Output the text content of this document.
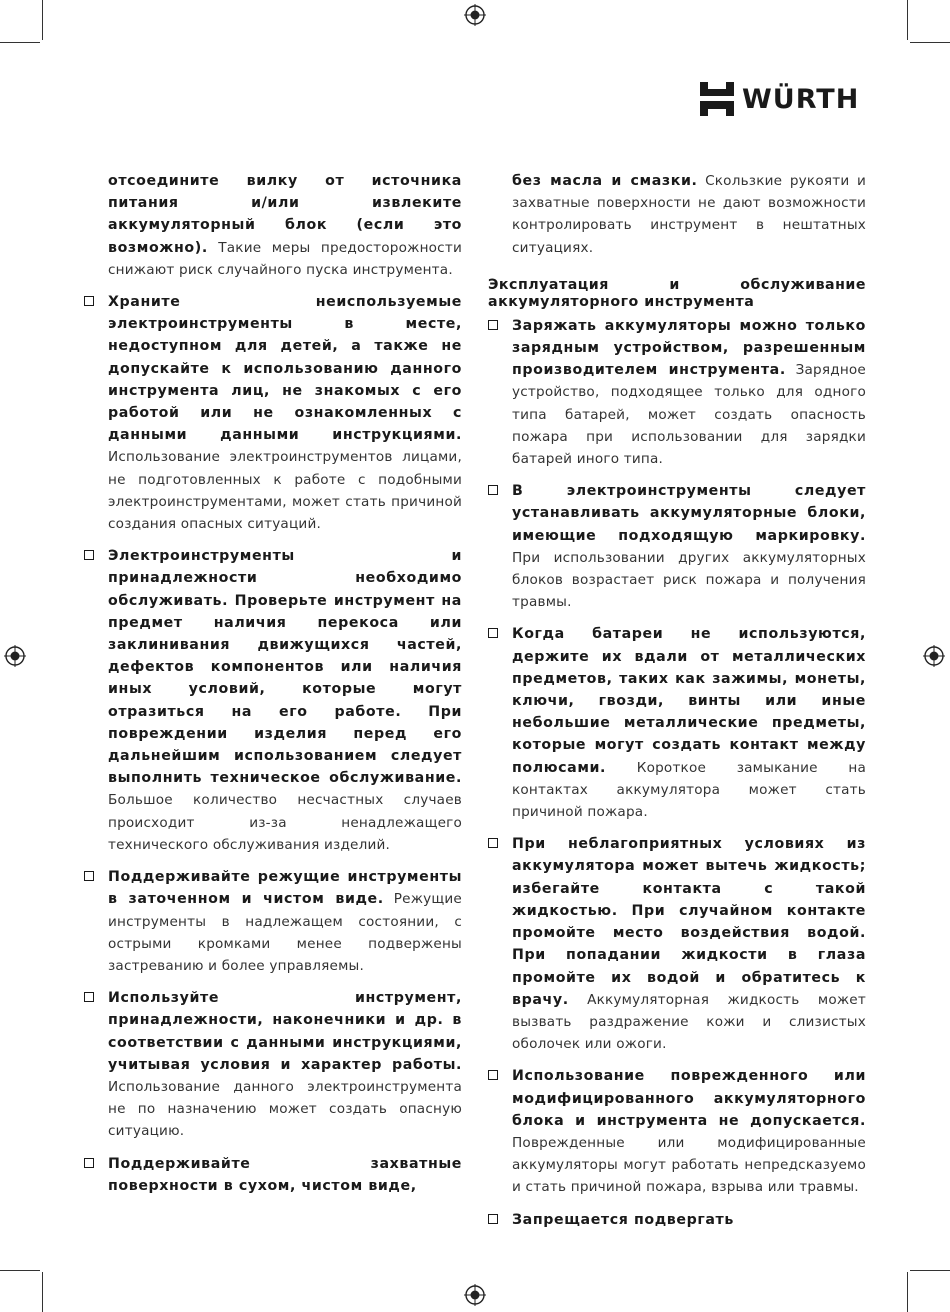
WÜRTH

отсоедините вилку от источника питания и/или извлеките аккумуляторный блок (если это возможно). Такие меры предосторожности снижают риск случайного пуска инструмента.

Храните неиспользуемые электроинструменты в месте, недоступном для детей, а также не допускайте к использованию данного инструмента лиц, не знакомых с его работой или не ознакомленных с данными данными инструкциями. Использование электроинструментов лицами, не подготовленных к работе с подобными электроинструментами, может стать причиной создания опасных ситуаций.

Электроинструменты и принадлежности необходимо обслуживать. Проверьте инструмент на предмет наличия перекоса или заклинивания движущихся частей, дефектов компонентов или наличия иных условий, которые могут отразиться на его работе. При повреждении изделия перед его дальнейшим использованием следует выполнить техническое обслуживание. Большое количество несчастных случаев происходит из-за ненадлежащего технического обслуживания изделий.

Поддерживайте режущие инструменты в заточенном и чистом виде. Режущие инструменты в надлежащем состоянии, с острыми кромками менее подвержены застреванию и более управляемы.

Используйте инструмент, принадлежности, наконечники и др. в соответствии с данными инструкциями, учитывая условия и характер работы. Использование данного электроинструмента не по назначению может создать опасную ситуацию.

Поддерживайте захватные поверхности в сухом, чистом виде,

без масла и смазки. Скользкие рукояти и захватные поверхности не дают возможности контролировать инструмент в нештатных ситуациях.

Эксплуатация и обслуживание аккумуляторного инструмента

Заряжать аккумуляторы можно только зарядным устройством, разрешенным производителем инструмента. Зарядное устройство, подходящее только для одного типа батарей, может создать опасность пожара при использовании для зарядки батарей иного типа.

В электроинструменты следует устанавливать аккумуляторные блоки, имеющие подходящую маркировку. При использовании других аккумуляторных блоков возрастает риск пожара и получения травмы.

Когда батареи не используются, держите их вдали от металлических предметов, таких как зажимы, монеты, ключи, гвозди, винты или иные небольшие металлические предметы, которые могут создать контакт между полюсами. Короткое замыкание на контактах аккумулятора может стать причиной пожара.

При неблагоприятных условиях из аккумулятора может вытечь жидкость; избегайте контакта с такой жидкостью. При случайном контакте промойте место воздействия водой. При попадании жидкости в глаза промойте их водой и обратитесь к врачу. Аккумуляторная жидкость может вызвать раздражение кожи и слизистых оболочек или ожоги.

Использование поврежденного или модифицированного аккумуляторного блока и инструмента не допускается. Поврежденные или модифицированные аккумуляторы могут работать непредсказуемо и стать причиной пожара, взрыва или травмы.

Запрещается подвергать
